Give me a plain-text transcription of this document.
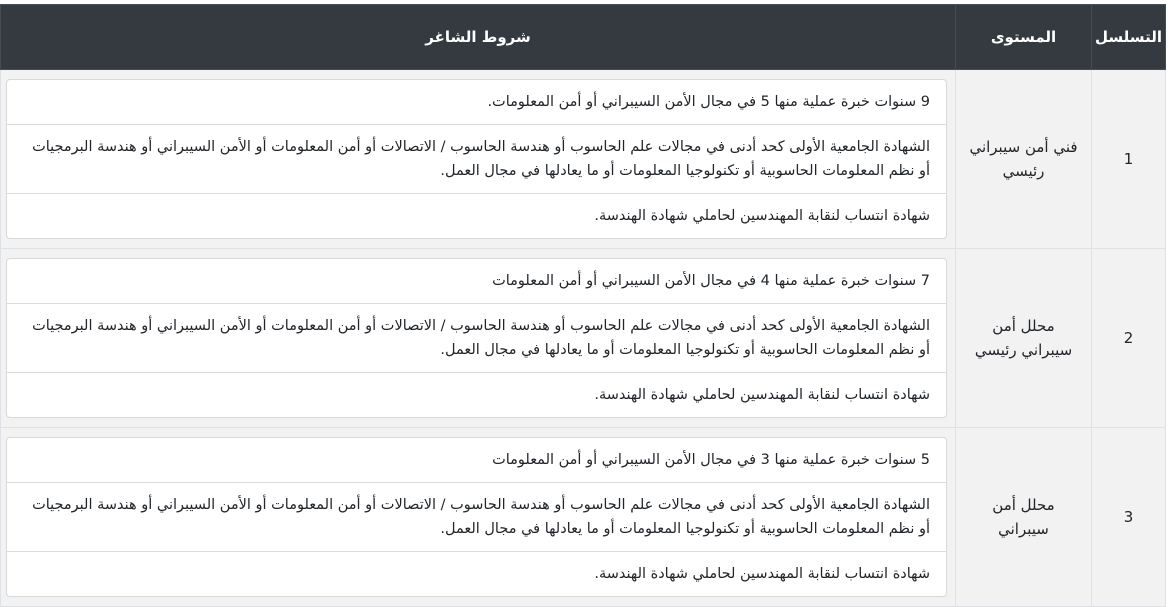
التسلسل	المستوى	شروط الشاغر
1	فني أمن سيبراني رئيسي	9 سنوات خبرة عملية منها 5 في مجال الأمن السيبراني أو أمن المعلومات.
الشهادة الجامعية الأولى كحد أدنى في مجالات علم الحاسوب أو هندسة الحاسوب / الاتصالات أو أمن المعلومات أو الأمن السيبراني أو هندسة البرمجيات أو نظم المعلومات الحاسوبية أو تكنولوجيا المعلومات أو ما يعادلها في مجال العمل.
شهادة انتساب لنقابة المهندسين لحاملي شهادة الهندسة.

2	محلل أمن سيبراني رئيسي	7 سنوات خبرة عملية منها 4 في مجال الأمن السيبراني أو أمن المعلومات
الشهادة الجامعية الأولى كحد أدنى في مجالات علم الحاسوب أو هندسة الحاسوب / الاتصالات أو أمن المعلومات أو الأمن السيبراني أو هندسة البرمجيات أو نظم المعلومات الحاسوبية أو تكنولوجيا المعلومات أو ما يعادلها في مجال العمل.
شهادة انتساب لنقابة المهندسين لحاملي شهادة الهندسة.

3	محلل أمن سيبراني	5 سنوات خبرة عملية منها 3 في مجال الأمن السيبراني أو أمن المعلومات
الشهادة الجامعية الأولى كحد أدنى في مجالات علم الحاسوب أو هندسة الحاسوب / الاتصالات أو أمن المعلومات أو الأمن السيبراني أو هندسة البرمجيات أو نظم المعلومات الحاسوبية أو تكنولوجيا المعلومات أو ما يعادلها في مجال العمل.
شهادة انتساب لنقابة المهندسين لحاملي شهادة الهندسة.
